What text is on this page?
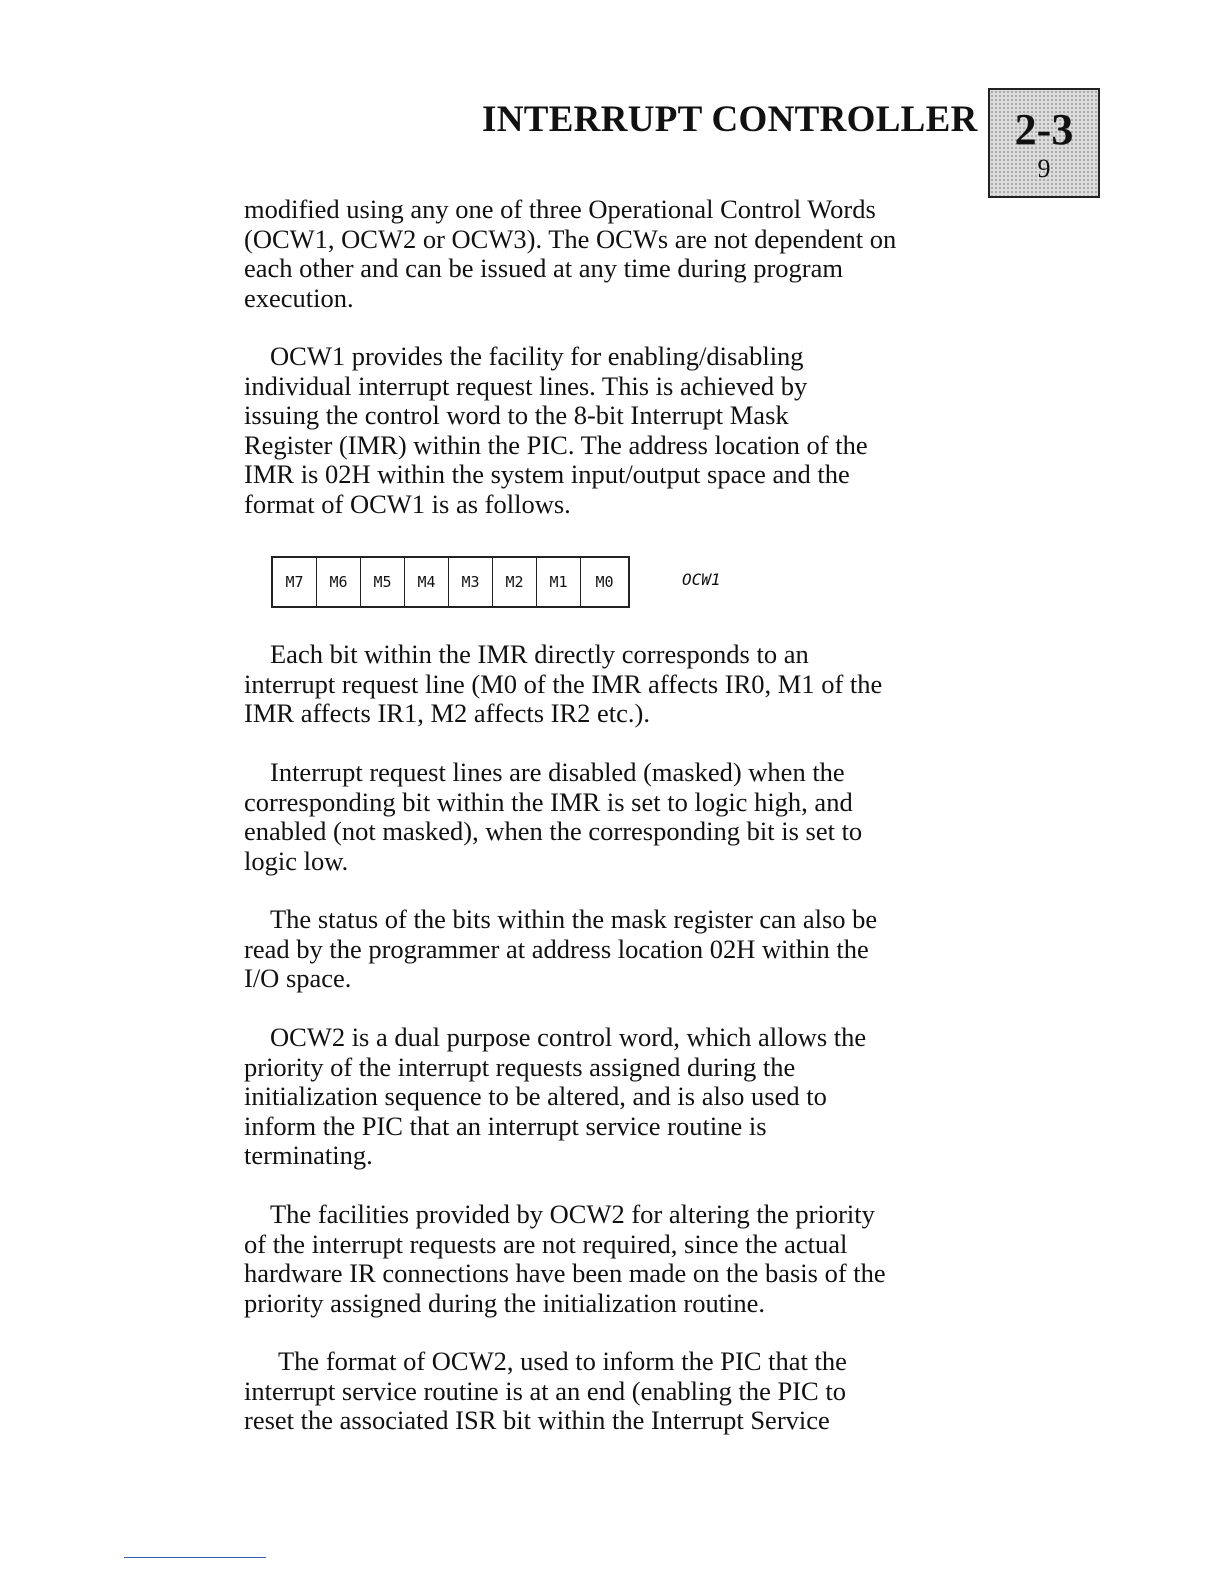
INTERRUPT CONTROLLER 2-3
9
modified using any one of three Operational Control Words
(OCW1, OCW2 or OCW3). The OCWs are not dependent on
each other and can be issued at any time during program
execution.
OCW1 provides the facility for enabling/disabling
individual interrupt request lines. This is achieved by
issuing the control word to the 8-bit Interrupt Mask
Register (IMR) within the PIC. The address location of the
IMR is 02H within the system input/output space and the
format of OCW1 is as follows.
M7	M6	M5	M4	M3	M2	M1	M0	OCW1
Each bit within the IMR directly corresponds to an
interrupt request line (M0 of the IMR affects IR0, M1 of the
IMR affects IR1, M2 affects IR2 etc.).
Interrupt request lines are disabled (masked) when the
corresponding bit within the IMR is set to logic high, and
enabled (not masked), when the corresponding bit is set to
logic low.
The status of the bits within the mask register can also be
read by the programmer at address location 02H within the
I/O space.
OCW2 is a dual purpose control word, which allows the
priority of the interrupt requests assigned during the
initialization sequence to be altered, and is also used to
inform the PIC that an interrupt service routine is
terminating.
The facilities provided by OCW2 for altering the priority
of the interrupt requests are not required, since the actual
hardware IR connections have been made on the basis of the
priority assigned during the initialization routine.
The format of OCW2, used to inform the PIC that the
interrupt service routine is at an end (enabling the PIC to
reset the associated ISR bit within the Interrupt Service
